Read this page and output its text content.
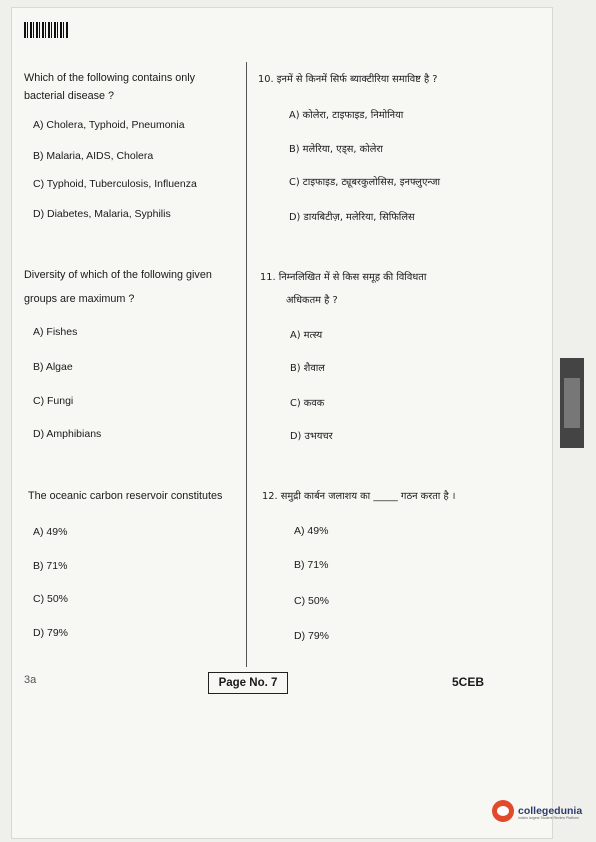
Which of the following contains only
bacterial disease ?
A) Cholera, Typhoid, Pneumonia
B) Malaria, AIDS, Cholera
C) Typhoid, Tuberculosis, Influenza
D) Diabetes, Malaria, Syphilis
Diversity of which of the following given
groups are maximum ?
A) Fishes
B) Algae
C) Fungi
D) Amphibians
The oceanic carbon reservoir constitutes
A) 49%
B) 71%
C) 50%
D) 79%
10. इनमें से किनमें सिर्फ ब्याक्टीरिया समाविष्ट है ?
A) कोलेरा, टाइफाइड, निमोनिया
B) मलेरिया, एड्स, कोलेरा
C) टाइफाइड, ट्यूबरकुलोसिस, इनफ्लुएन्जा
D) डायबिटीज़, मलेरिया, सिफिलिस
11. निम्नलिखित में से किस समूह की विविधता
अधिकतम है ?
A) मत्स्य
B) शैवाल
C) कवक
D) उभयचर
12. समुद्री कार्बन जलाशय का _____ गठन करता है ।
A) 49%
B) 71%
C) 50%
D) 79%
3a	Page No. 7	5CEB
collegedunia
India's largest Student Review Platform
